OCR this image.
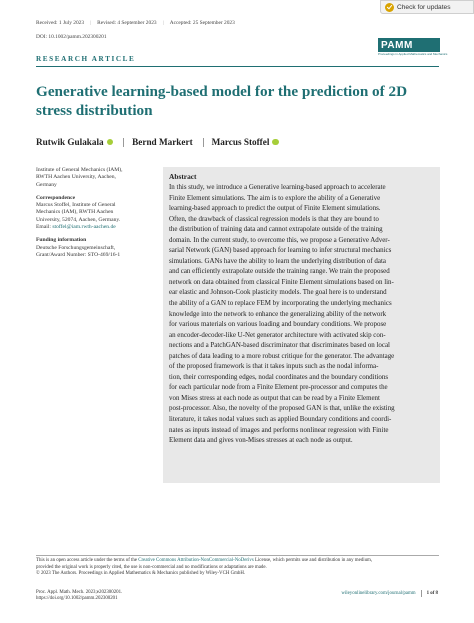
Check for updates
Received: 1 July 2023 | Revised: 4 September 2023 | Accepted: 25 September 2023
DOI: 10.1002/pamm.202300201
PAMM
Proceedings in Applied Mathematics and Mechanics
RESEARCH ARTICLE
Generative learning-based model for the prediction of 2D
stress distribution
Rutwik Gulakala	Bernd Markert Marcus Stoffel
Institute of General Mechanics (IAM),
RWTH Aachen University, Aachen,
Germany
Correspondence
Marcus Stoffel, Institute of General
Mechanics (IAM), RWTH Aachen
University, 52074, Aachen, Germany.
Email: stoffel@iam.rwth-aachen.de
Funding information
Deutsche Forschungsgemeinschaft,
Grant/Award Number: STO-469/16-1
Abstract
In this study, we introduce a Generative learning-based approach to accelerate
Finite Element simulations. The aim is to explore the ability of a Generative
learning-based approach to predict the output of Finite Element simulations.
Often, the drawback of classical regression models is that they are bound to
the distribution of training data and cannot extrapolate outside of the training
domain. In the current study, to overcome this, we propose a Generative Adver-
sarial Network (GAN) based approach for learning to infer structural mechanics
simulations. GANs have the ability to learn the underlying distribution of data
and can efficiently extrapolate outside the training range. We train the proposed
network on data obtained from classical Finite Element simulations based on lin-
ear elastic and Johnson-Cook plasticity models. The goal here is to understand
the ability of a GAN to replace FEM by incorporating the underlying mechanics
knowledge into the network to enhance the generalizing ability of the network
for various materials on various loading and boundary conditions. We propose
an encoder-decoder-like U-Net generator architecture with activated skip con-
nections and a PatchGAN-based discriminator that discriminates based on local
patches of data leading to a more robust critique for the generator. The advantage
of the proposed framework is that it takes inputs such as the nodal informa-
tion, their corresponding edges, nodal coordinates and the boundary conditions
for each particular node from a Finite Element pre-processor and computes the
von Mises stress at each node as output that can be read by a Finite Element
post-processor. Also, the novelty of the proposed GAN is that, unlike the existing
literature, it takes nodal values such as applied Boundary conditions and coordi-
nates as inputs instead of images and performs nonlinear regression with Finite
Element data and gives von-Mises stresses at each node as output.
This is an open access article under the terms of the Creative Commons Attribution-NonCommercial-NoDerivs License, which permits use and distribution in any medium,
provided the original work is properly cited, the use is non-commercial and no modifications or adaptations are made.
© 2023 The Authors. Proceedings in Applied Mathematics & Mechanics published by Wiley-VCH GmbH.
Proc. Appl. Math. Mech. 2023;e202300201.
https://doi.org/10.1002/pamm.202300201
wileyonlinelibrary.com/journal/pamm 1 of 8
